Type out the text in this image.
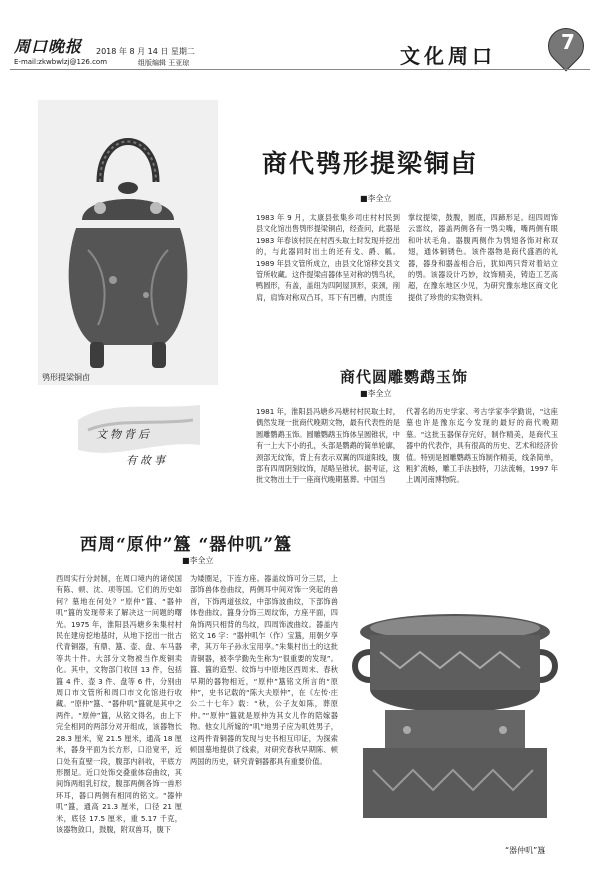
周口晚报 2018 年 8 月 14 日 星期二
E-mail:zkwbwlzj@126.com	组版编辑 王亚琼	文化周口
7
鸮形提梁铜卣
商代鸮形提梁铜卣
■李全立
1983 年 9 月，太康县张集乡司庄村村民到县文化馆出售鸮形提梁铜卣，经查问，此器是 1983 年春该村民在村西头取土时发现并挖出的，与此器同时出土的还有戈、爵、觚。1989 年县文管所成立，由县文化馆移交县文管所收藏。这件提梁卣器体呈对称的鸮鸟状，鸭圆形，有盖，盖纽为四阿屋顶形，束颈，削肩，肩饰对称双凸耳，耳下有凹槽，内贯连
掌纹提梁，鼓腹，圆底，四蹄形足。纽四周饰云雷纹，器盖两侧各有一鸮尖嘴，嘴两侧有眼和叶状毛角。器腹两侧作为鸮翅各饰对称双翅，通体铜锈色。该件器物是商代盛酒的礼器，器身和器盖相合后，犹如两只背对着站立的鸮。该器设计巧妙，纹饰精美，铸造工艺高超，在豫东地区少见，为研究豫东地区商文化提供了珍贵的实物资料。
商代圆雕鹦鹉玉饰
■李全立
文物背后
有故事
1981 年，淮阳县冯塘乡冯塘村村民取土时，偶然发现一批商代晚期文物，最有代表性的是圆雕鹦鹉玉饰。圆雕鹦鹉玉饰体呈圆锥状，中有一上大下小的孔，头部是鹦鹉的简单轮廓，颈部无纹饰，背上有表示双翼的四道阳线，腹部有四周阴刻纹饰，尾略呈锥状。据考证，这批文物出土于一座商代晚期墓葬。中国当
代著名的历史学家、考古学家李学勤说，"这座墓也许是豫东迄今发现的最好的商代晚期墓。"这批玉器保存完好，制作精美，是商代玉器中的代表作，具有很高的历史、艺术和经济价值。特别是圆雕鹦鹉玉饰制作精美，线条简单，粗犷流畅，雕工手法独特，刀法流畅，1997 年上调河南博物院。
西周“原仲”簋 “器仲叽”簋
■李全立
西周实行分封制，在周口境内的诸侯国有陈、顿、沈、项等国。它们的历史如何？墓地在何处？“原仲”簋、“器仲叽”簋的发现带来了解决这一问题的曙光。1975 年，淮阳县冯塘乡朱集村村民在建房挖地基时，从地下挖出一批古代青铜器，有鼎、簋、壶、盘、车马器等共十件。大部分文物被当作废铜卖化。其中，文物部门收回 13 件，包括簋 4 件、壶 3 件、盘等 6 件，分别由周口市文管所和周口市文化馆进行收藏。“原仲”簋、“器仲叽”簋就是其中之两件。“原仲”簋，从铭文得名，由上下完全相同的两部分对开组成，该器物长 28.3 厘米，宽 21.5 厘米，通高 18 厘米，器身平面为长方形，口沿宽平，近口处有直壁一段，腹部内斜收，平底方形圈足。近口处饰交叠重体窃曲纹，其间饰两组乳钉纹，腹部两侧各饰一兽形环耳，器口两侧有相同的铭文。“器仲叽”簋，通高 21.3 厘米，口径 21 厘米，底径 17.5 厘米，重 5.17 千克，该器物敛口，鼓腹，附双兽耳，腹下
为矮圈足，下连方座。器盖纹饰可分三层，上部饰兽体卷曲纹，两侧耳中间对饰一突起的兽首，下饰两道弦纹，中部饰波曲纹，下部饰兽体卷曲纹。簋身分饰三周纹饰，方座平面，四角饰两只相背的鸟纹，四周饰波曲纹。器盖内铭文 16 字：“器仲叽乍（作）宝簋，用朝夕享孝，其万年子孙永宝用享。”朱集村出土的这批青铜器，被李学勤先生称为“很重要的发现”。簋、簋的造型、纹饰与中原地区西周末、春秋早期的器物相近，“原仲”簋铭文所言的“原仲”，史书记载的“陈大夫原仲”，在《左传·庄公二十七年》载：“秋，公子友如陈，葬原仲。”“原仲”簋就是原仲为其女儿作的陪嫁器物。他女儿所嫁的“叽”地男子应为叽姓男子，这两件青铜器的发现与史书相互印证，为探索顿国墓地提供了线索，对研究春秋早期陈、顿两国的历史，研究青铜器都具有重要价值。
“器仲叽”簋
